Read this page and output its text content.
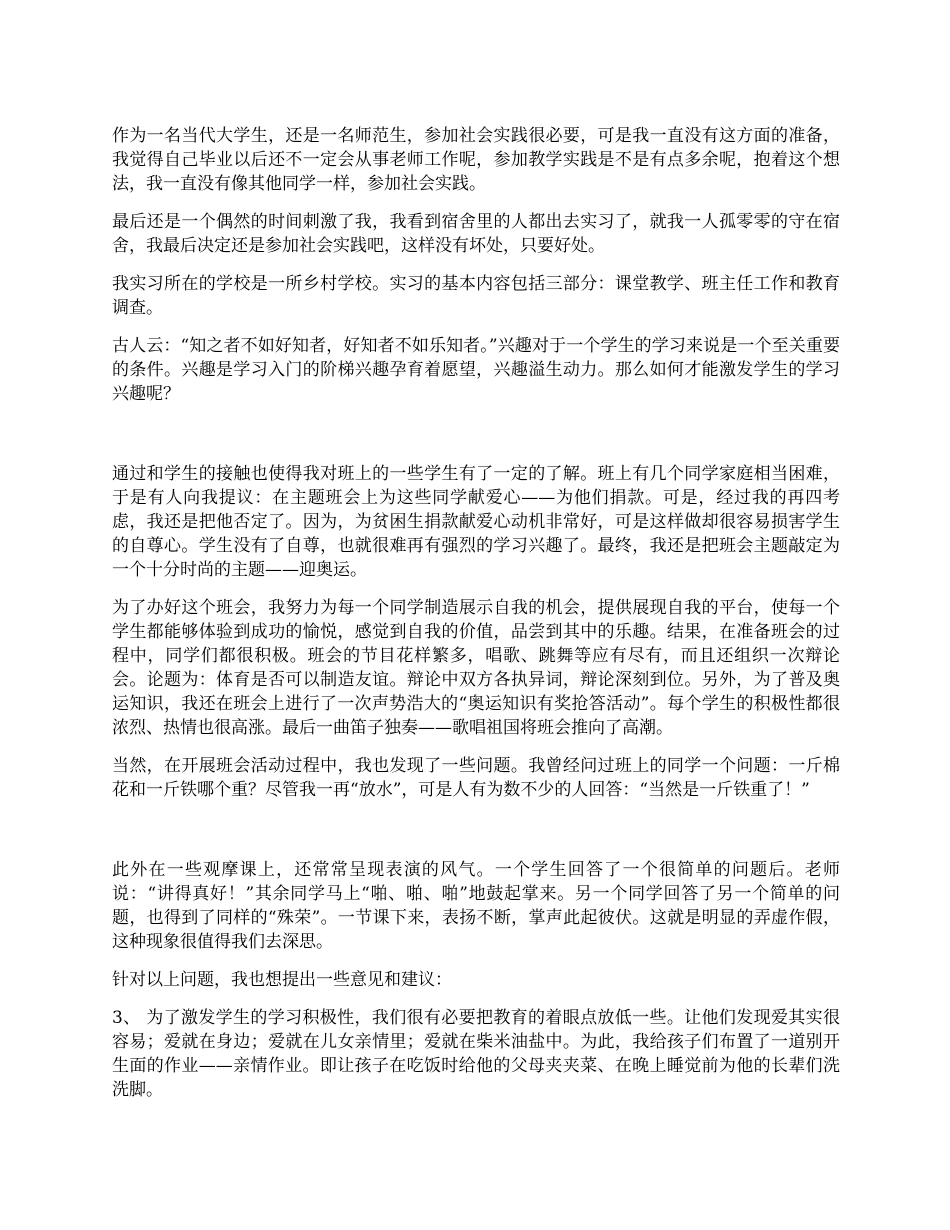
作为一名当代大学生，还是一名师范生，参加社会实践很必要，可是我一直没有这方面的准备，我觉得自己毕业以后还不一定会从事老师工作呢，参加教学实践是不是有点多余呢，抱着这个想法，我一直没有像其他同学一样，参加社会实践。

最后还是一个偶然的时间刺激了我，我看到宿舍里的人都出去实习了，就我一人孤零零的守在宿舍，我最后决定还是参加社会实践吧，这样没有坏处，只要好处。

我实习所在的学校是一所乡村学校。实习的基本内容包括三部分：课堂教学、班主任工作和教育调查。

古人云：“知之者不如好知者，好知者不如乐知者。”兴趣对于一个学生的学习来说是一个至关重要的条件。兴趣是学习入门的阶梯兴趣孕育着愿望，兴趣溢生动力。那么如何才能激发学生的学习兴趣呢？

通过和学生的接触也使得我对班上的一些学生有了一定的了解。班上有几个同学家庭相当困难，于是有人向我提议：在主题班会上为这些同学献爱心——为他们捐款。可是，经过我的再四考虑，我还是把他否定了。因为，为贫困生捐款献爱心动机非常好，可是这样做却很容易损害学生的自尊心。学生没有了自尊，也就很难再有强烈的学习兴趣了。最终，我还是把班会主题敲定为一个十分时尚的主题——迎奥运。

为了办好这个班会，我努力为每一个同学制造展示自我的机会，提供展现自我的平台，使每一个学生都能够体验到成功的愉悦，感觉到自我的价值，品尝到其中的乐趣。结果，在准备班会的过程中，同学们都很积极。班会的节目花样繁多，唱歌、跳舞等应有尽有，而且还组织一次辩论会。论题为：体育是否可以制造友谊。辩论中双方各执异词，辩论深刻到位。另外，为了普及奥运知识，我还在班会上进行了一次声势浩大的“奥运知识有奖抢答活动”。每个学生的积极性都很浓烈、热情也很高涨。最后一曲笛子独奏——歌唱祖国将班会推向了高潮。

当然，在开展班会活动过程中，我也发现了一些问题。我曾经问过班上的同学一个问题：一斤棉花和一斤铁哪个重？尽管我一再“放水”，可是人有为数不少的人回答：“当然是一斤铁重了！”

此外在一些观摩课上，还常常呈现表演的风气。一个学生回答了一个很简单的问题后。老师说：“讲得真好！”其余同学马上“啪、啪、啪”地鼓起掌来。另一个同学回答了另一个简单的问题，也得到了同样的“殊荣”。一节课下来，表扬不断，掌声此起彼伏。这就是明显的弄虚作假，这种现象很值得我们去深思。

针对以上问题，我也想提出一些意见和建议：

3、 为了激发学生的学习积极性，我们很有必要把教育的着眼点放低一些。让他们发现爱其实很容易；爱就在身边；爱就在儿女亲情里；爱就在柴米油盐中。为此，我给孩子们布置了一道别开生面的作业——亲情作业。即让孩子在吃饭时给他的父母夹夹菜、在晚上睡觉前为他的长辈们洗洗脚。
